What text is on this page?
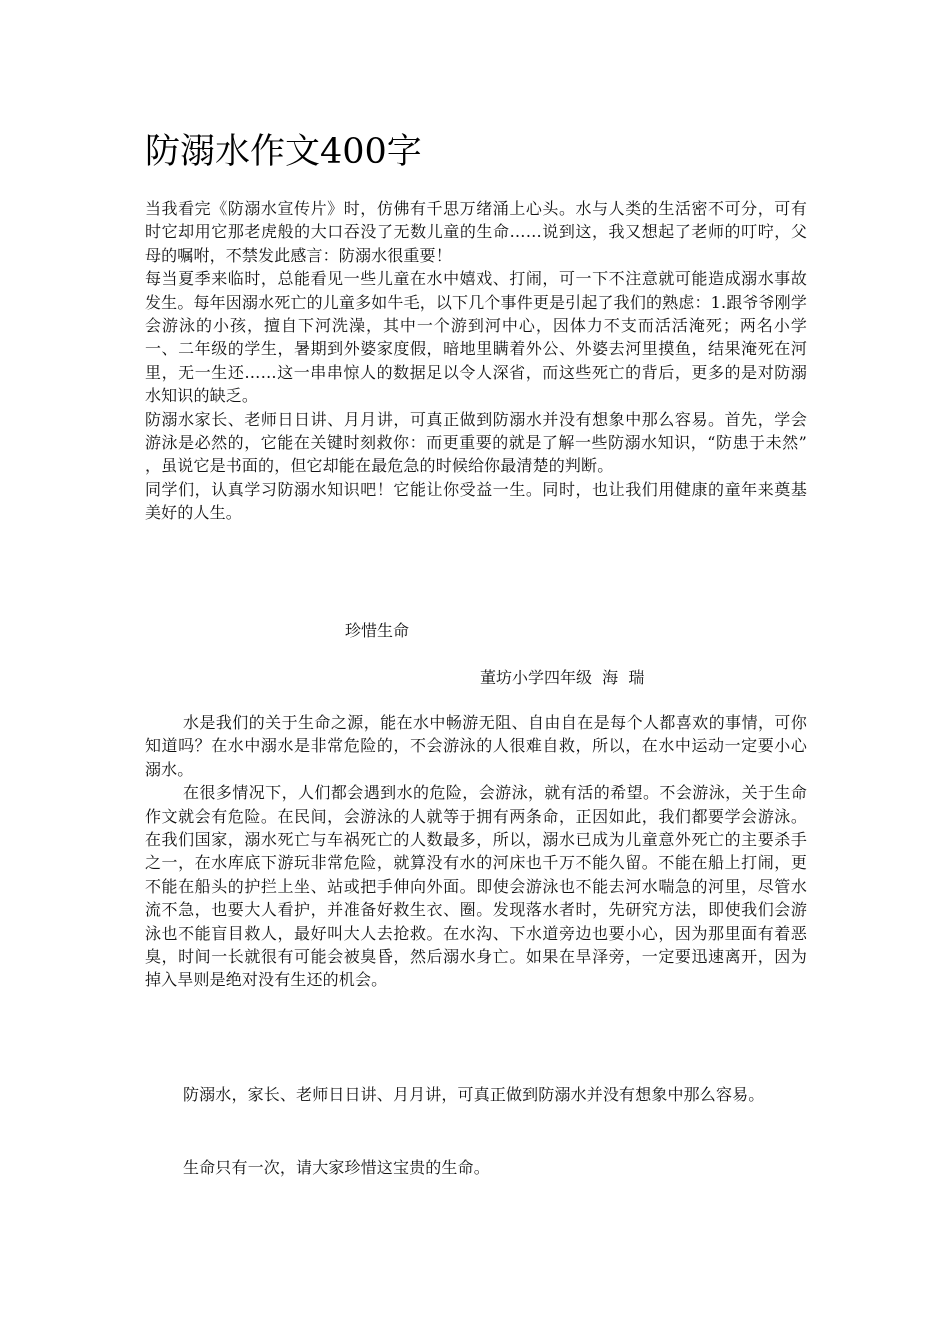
防溺水作文400字

当我看完《防溺水宣传片》时，仿佛有千思万绪涌上心头。水与人类的生活密不可分，可有时它却用它那老虎般的大口吞没了无数儿童的生命……说到这，我又想起了老师的叮咛，父母的嘱咐，不禁发此感言：防溺水很重要！

每当夏季来临时，总能看见一些儿童在水中嬉戏、打闹，可一下不注意就可能造成溺水事故发生。每年因溺水死亡的儿童多如牛毛，以下几个事件更是引起了我们的熟虑：1.跟爷爷刚学会游泳的小孩，擅自下河洗澡，其中一个游到河中心，因体力不支而活活淹死；两名小学一、二年级的学生，暑期到外婆家度假，暗地里瞒着外公、外婆去河里摸鱼，结果淹死在河里，无一生还……这一串串惊人的数据足以令人深省，而这些死亡的背后，更多的是对防溺水知识的缺乏。

防溺水家长、老师日日讲、月月讲，可真正做到防溺水并没有想象中那么容易。首先，学会游泳是必然的，它能在关键时刻救你：而更重要的就是了解一些防溺水知识，“防患于未然” ，虽说它是书面的，但它却能在最危急的时候给你最清楚的判断。

同学们，认真学习防溺水知识吧！它能让你受益一生。同时，也让我们用健康的童年来奠基美好的人生。

珍惜生命
董坊小学四年级  海  瑞

水是我们的关于生命之源，能在水中畅游无阻、自由自在是每个人都喜欢的事情，可你知道吗？在水中溺水是非常危险的，不会游泳的人很难自救，所以，在水中运动一定要小心溺水。

在很多情况下，人们都会遇到水的危险，会游泳，就有活的希望。不会游泳，关于生命作文就会有危险。在民间，会游泳的人就等于拥有两条命，正因如此，我们都要学会游泳。在我们国家，溺水死亡与车祸死亡的人数最多，所以，溺水已成为儿童意外死亡的主要杀手之一，在水库底下游玩非常危险，就算没有水的河床也千万不能久留。不能在船上打闹，更不能在船头的护拦上坐、站或把手伸向外面。即使会游泳也不能去河水喘急的河里，尽管水流不急，也要大人看护，并准备好救生衣、圈。发现落水者时，先研究方法，即使我们会游泳也不能盲目救人，最好叫大人去抢救。在水沟、下水道旁边也要小心，因为那里面有着恶臭，时间一长就很有可能会被臭昏，然后溺水身亡。如果在旱泽旁，一定要迅速离开，因为掉入旱则是绝对没有生还的机会。

防溺水，家长、老师日日讲、月月讲，可真正做到防溺水并没有想象中那么容易。

生命只有一次，请大家珍惜这宝贵的生命。
